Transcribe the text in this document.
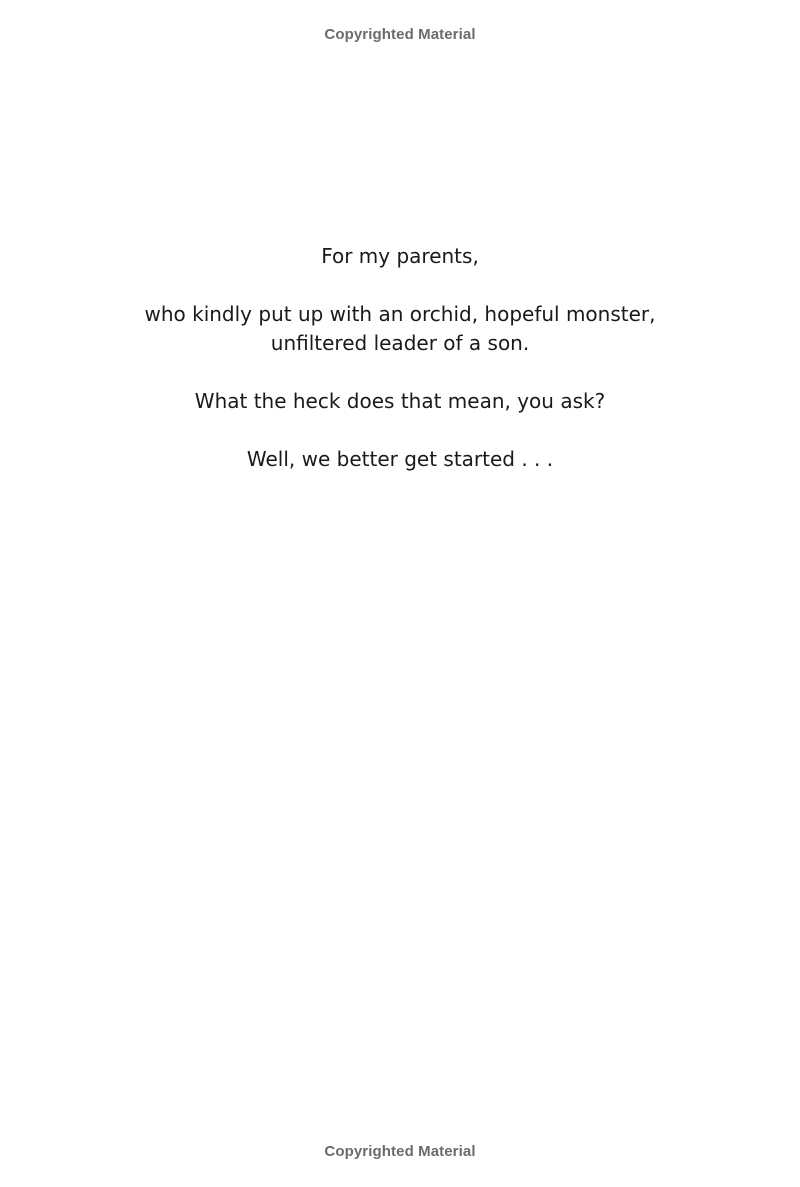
Copyrighted Material

For my parents,

who kindly put up with an orchid, hopeful monster,
unfiltered leader of a son.

What the heck does that mean, you ask?

Well, we better get started . . .

Copyrighted Material
